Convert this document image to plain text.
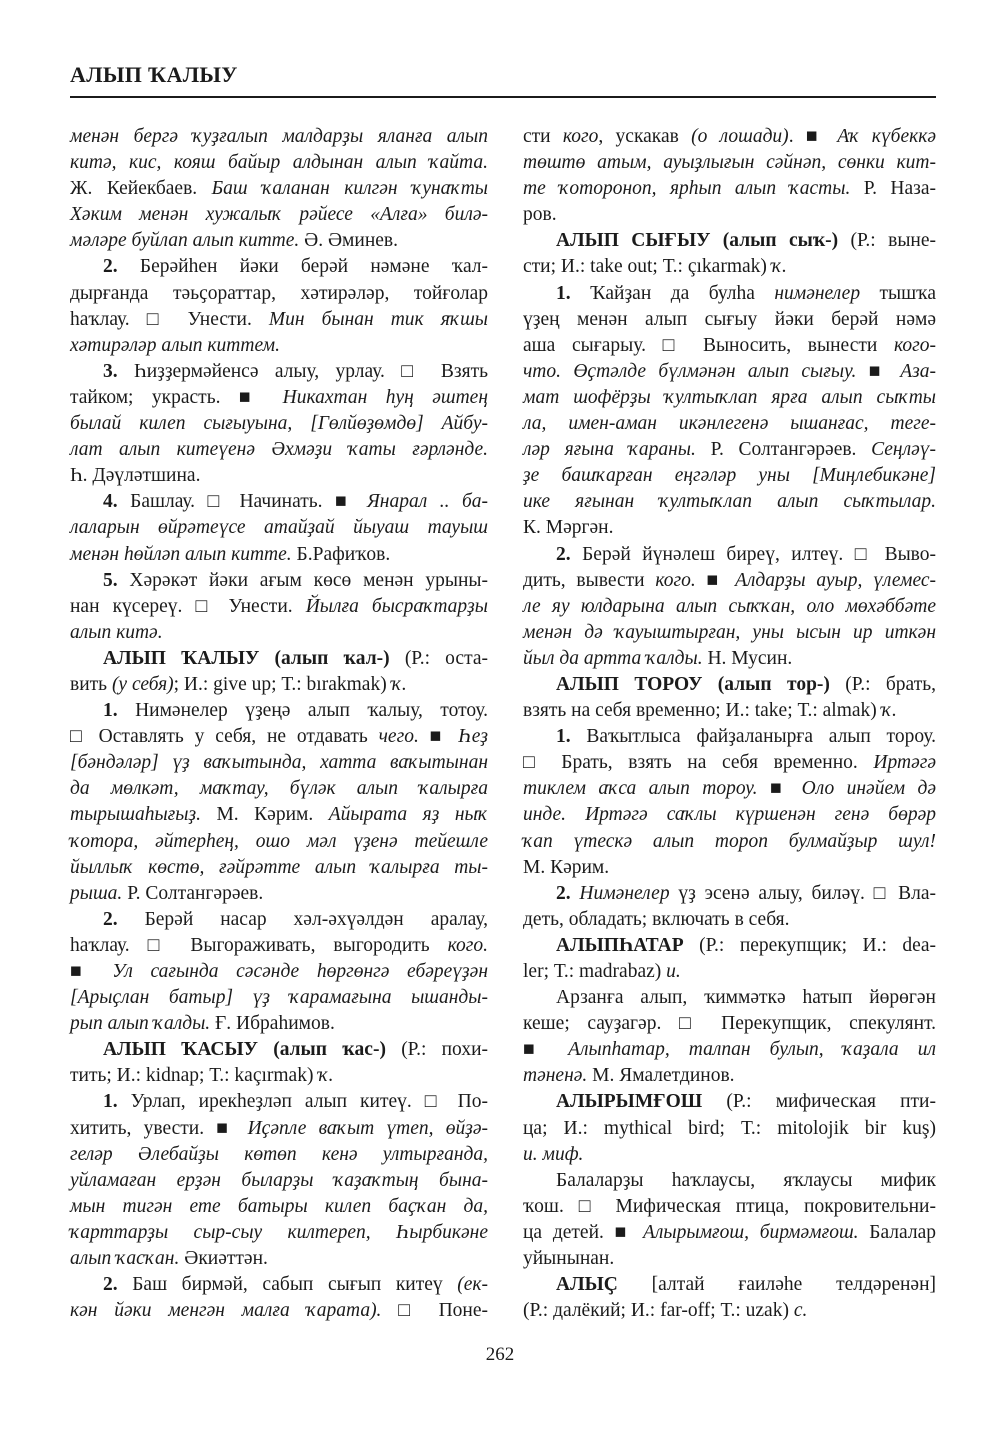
АЛЫП ҠАЛЫУ
менән бергә ҡуҙғалып малдарҙы яланға алып
китә, кис, кояш байыр алдынан алып ҡайта.
Ж. Кейекбаев. Баш ҡаланан килгән ҡунаҡты
Хәким менән хужалыҡ рәйесе «Алға» билә-
мәләре буйлап алып китте. Ә. Әминев.
2. Берәйһен йәки берәй нәмәне ҡал-
дырғанда тәьҫораттар, хәтирәләр, тойғолар
һаҡлау. □ Унести. Мин бынан тик яҡшы
хәтирәләр алып киттем.
3. Һиҙҙермәйенсә алыу, урлау. □ Взять
тайком; украсть. ■ Никахтан һуң әштең
былай килеп сығыуына, [Гөлйөҙөмдө] Айбу-
лат алып китеүенә Әхмәҙи ҡаты ғәрләнде.
Һ. Дәүләтшина.
4. Башлау. □ Начинать. ■ Янарал .. ба-
лаларын өйрәтеүсе атайҙай йыуаш тауыш
менән һөйләп алып китте. Б.Рафиҡов.
5. Хәрәкәт йәки ағым көсө менән урыны-
нан күсереү. □ Унести. Йылға бысраҡтарҙы
алып китә.
АЛЫП ҠАЛЫУ (алып ҡал-) (Р.: оста-
вить (у себя); И.: give up; Т.: bırakmak) ҡ.
1. Нимәнелер үҙеңә алып ҡалыу, тотоу.
□ Оставлять у себя, не отдавать чего. ■ Һеҙ
[бәндәләр] үҙ ваҡытында, хатта ваҡытынан
да мөлкәт, маҡтау, бүләк алып ҡалырға
тырышаһығыҙ. М. Кәрим. Айырата яҙ ныҡ
ҡотора, әйтерһең, ошо мәл үҙенә тейешле
йыллыҡ көстө, ғәйрәтте алып ҡалырға ты-
рыша. Р. Солтангәрәев.
2. Берәй насар хәл-әхүәлдән аралау,
һаҡлау. □ Выгораживать, выгородить кого.
■ Ул сағында сәсәнде һөргөнгә ебәреүҙән
[Арыҫлан батыр] үҙ ҡарамағына ышанды-
рып алып ҡалды. Ғ. Ибраһимов.
АЛЫП ҠАСЫУ (алып ҡас-) (Р.: похи-
тить; И.: kidnap; Т.: kaçırmak) ҡ.
1. Урлап, ирекһеҙләп алып китеү. □ По-
хитить, увести. ■ Иҫәпле ваҡыт үтеп, өйҙә-
геләр Әлебайҙы көтөп кенә ултырғанда,
уйламаған ерҙән быларҙы ҡаҙаҡтың бына-
мын тигән ете батыры килеп баҫҡан да,
ҡарттарҙы сыр-сыу килтереп, Һырбикәне
алып ҡасҡан. Әкиәттән.
2. Баш бирмәй, сабып сығып китеү (ек-
кән йәки менгән малға ҡарата). □ Поне-
сти кого, ускакав (о лошади). ■ Аҡ күбеккә
төштө атым, ауыҙлығын сәйнәп, сөнки кит-
те ҡотороноп, ярһып алып ҡасты. Р. Наза-
ров.
АЛЫП СЫҒЫУ (алып сыҡ-) (Р.: выне-
сти; И.: take out; Т.: çıkarmak) ҡ.
1. Ҡайҙан да булһа нимәнелер тышҡа
үҙең менән алып сығыу йәки берәй нәмә
аша сығарыу. □ Выносить, вынести кого-
что. Өҫтәлде бүлмәнән алып сығыу. ■ Аза-
мат шофёрҙы ҡултыҡлап ярға алып сыҡты
ла, имен-аман икәнлегенә ышанғас, теге-
ләр яғына ҡараны. Р. Солтангәрәев. Сеңләү-
ҙе башҡарған еңгәләр уны [Миңлебикәне]
ике яғынан ҡултыҡлап алып сыҡтылар.
К. Мәргән.
2. Берәй йүнәлеш биреү, илтеү. □ Выво-
дить, вывести кого. ■ Алдарҙы ауыр, үлемес-
ле яу юлдарына алып сыҡҡан, оло мөхәббәте
менән дә ҡауыштырған, уны ысын ир иткән
йыл да артта ҡалды. Н. Мусин.
АЛЫП ТОРОУ (алып тор-) (Р.: брать,
взять на себя временно; И.: take; Т.: almak) ҡ.
1. Ваҡытлыса файҙаланырға алып тороу.
□ Брать, взять на себя временно. Иртәгә
тиклем аҡса алып тороу. ■ Оло инәйем дә
инде. Иртәгә саҡлы күршенән генә бөрәр
ҡап үтескә алып тороп булмайҙыр шул!
М. Кәрим.
2. Нимәнелер үҙ эсенә алыу, биләү. □ Вла-
деть, обладать; включать в себя.
АЛЫПҺАТАР (Р.: перекупщик; И.: dea-
ler; Т.: madrabaz) и.
Арзанға алып, ҡиммәткә һатып йөрөгән
кеше; сауҙагәр. □ Перекупщик, спекулянт.
■ Алыпһатар, талпан булып, ҡаҙала ил
тәненә. М. Ямалетдинов.
АЛЫРЫМҒОШ (Р.: мифическая пти-
ца; И.: mythical bird; Т.: mitolojik bir kuş)
и. миф.
Балаларҙы һаҡлаусы, яҡлаусы мифик
ҡош. □ Мифическая птица, покровительни-
ца детей. ■ Алырымғош, бирмәмғош. Балалар
уйынынан.
АЛЫҪ [алтай ғаиләһе телдәренән]
(Р.: далёкий; И.: far-off; Т.: uzak) с.
262
